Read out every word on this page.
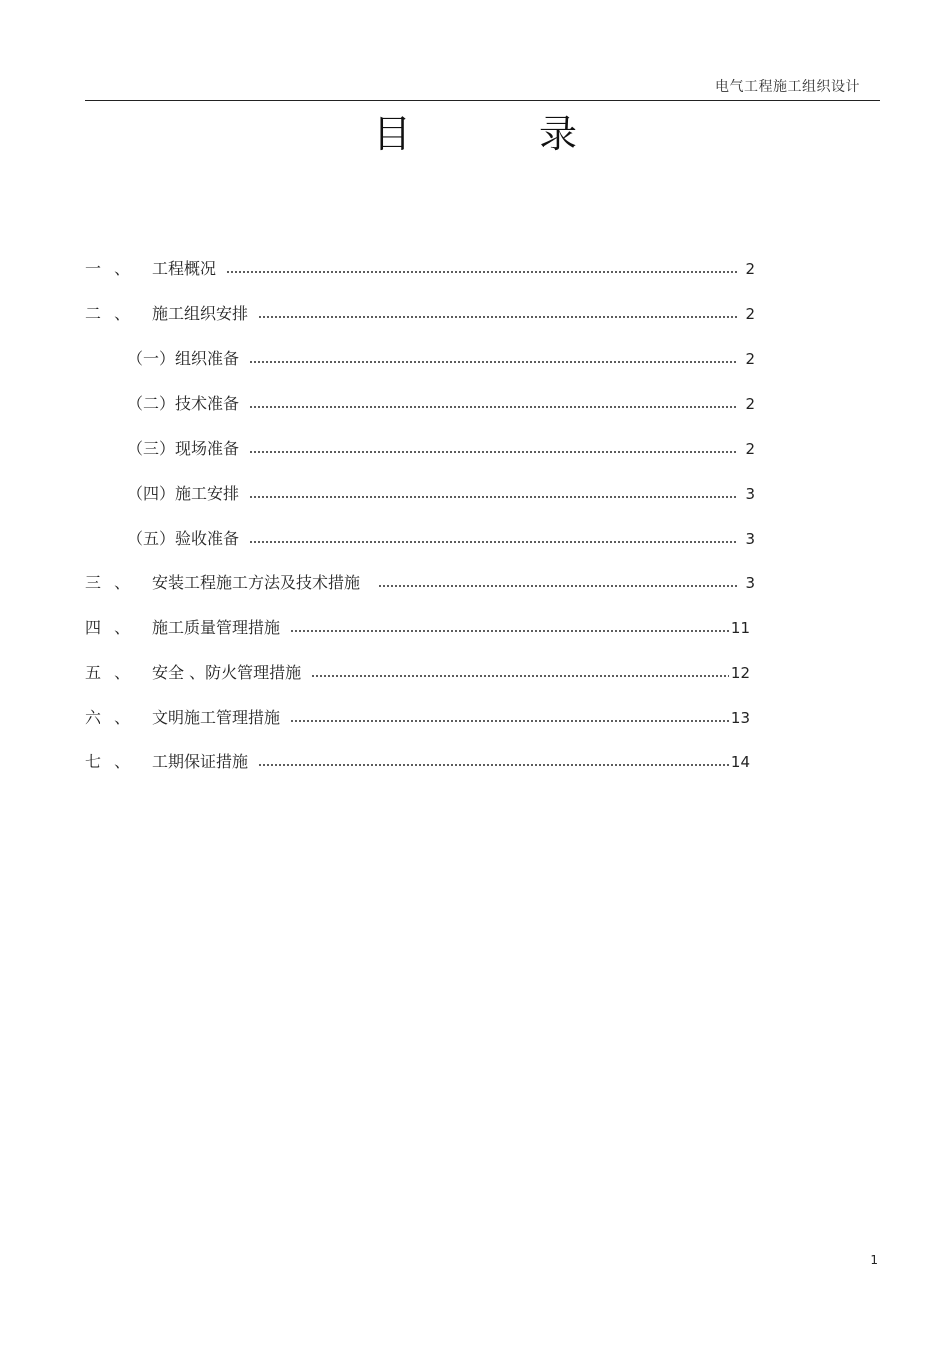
电气工程施工组织设计
目	录
一 、	工程概况	2
二 、	施工组织安排	2
（一）组织准备	2
（二）技术准备	2
（三）现场准备	2
（四）施工安排	3
（五）验收准备	3
三 、	安装工程施工方法及技术措施	3
四 、	施工质量管理措施	11
五 、	安全 、防火管理措施	12
六 、	文明施工管理措施	13
七 、	工期保证措施	14
1
